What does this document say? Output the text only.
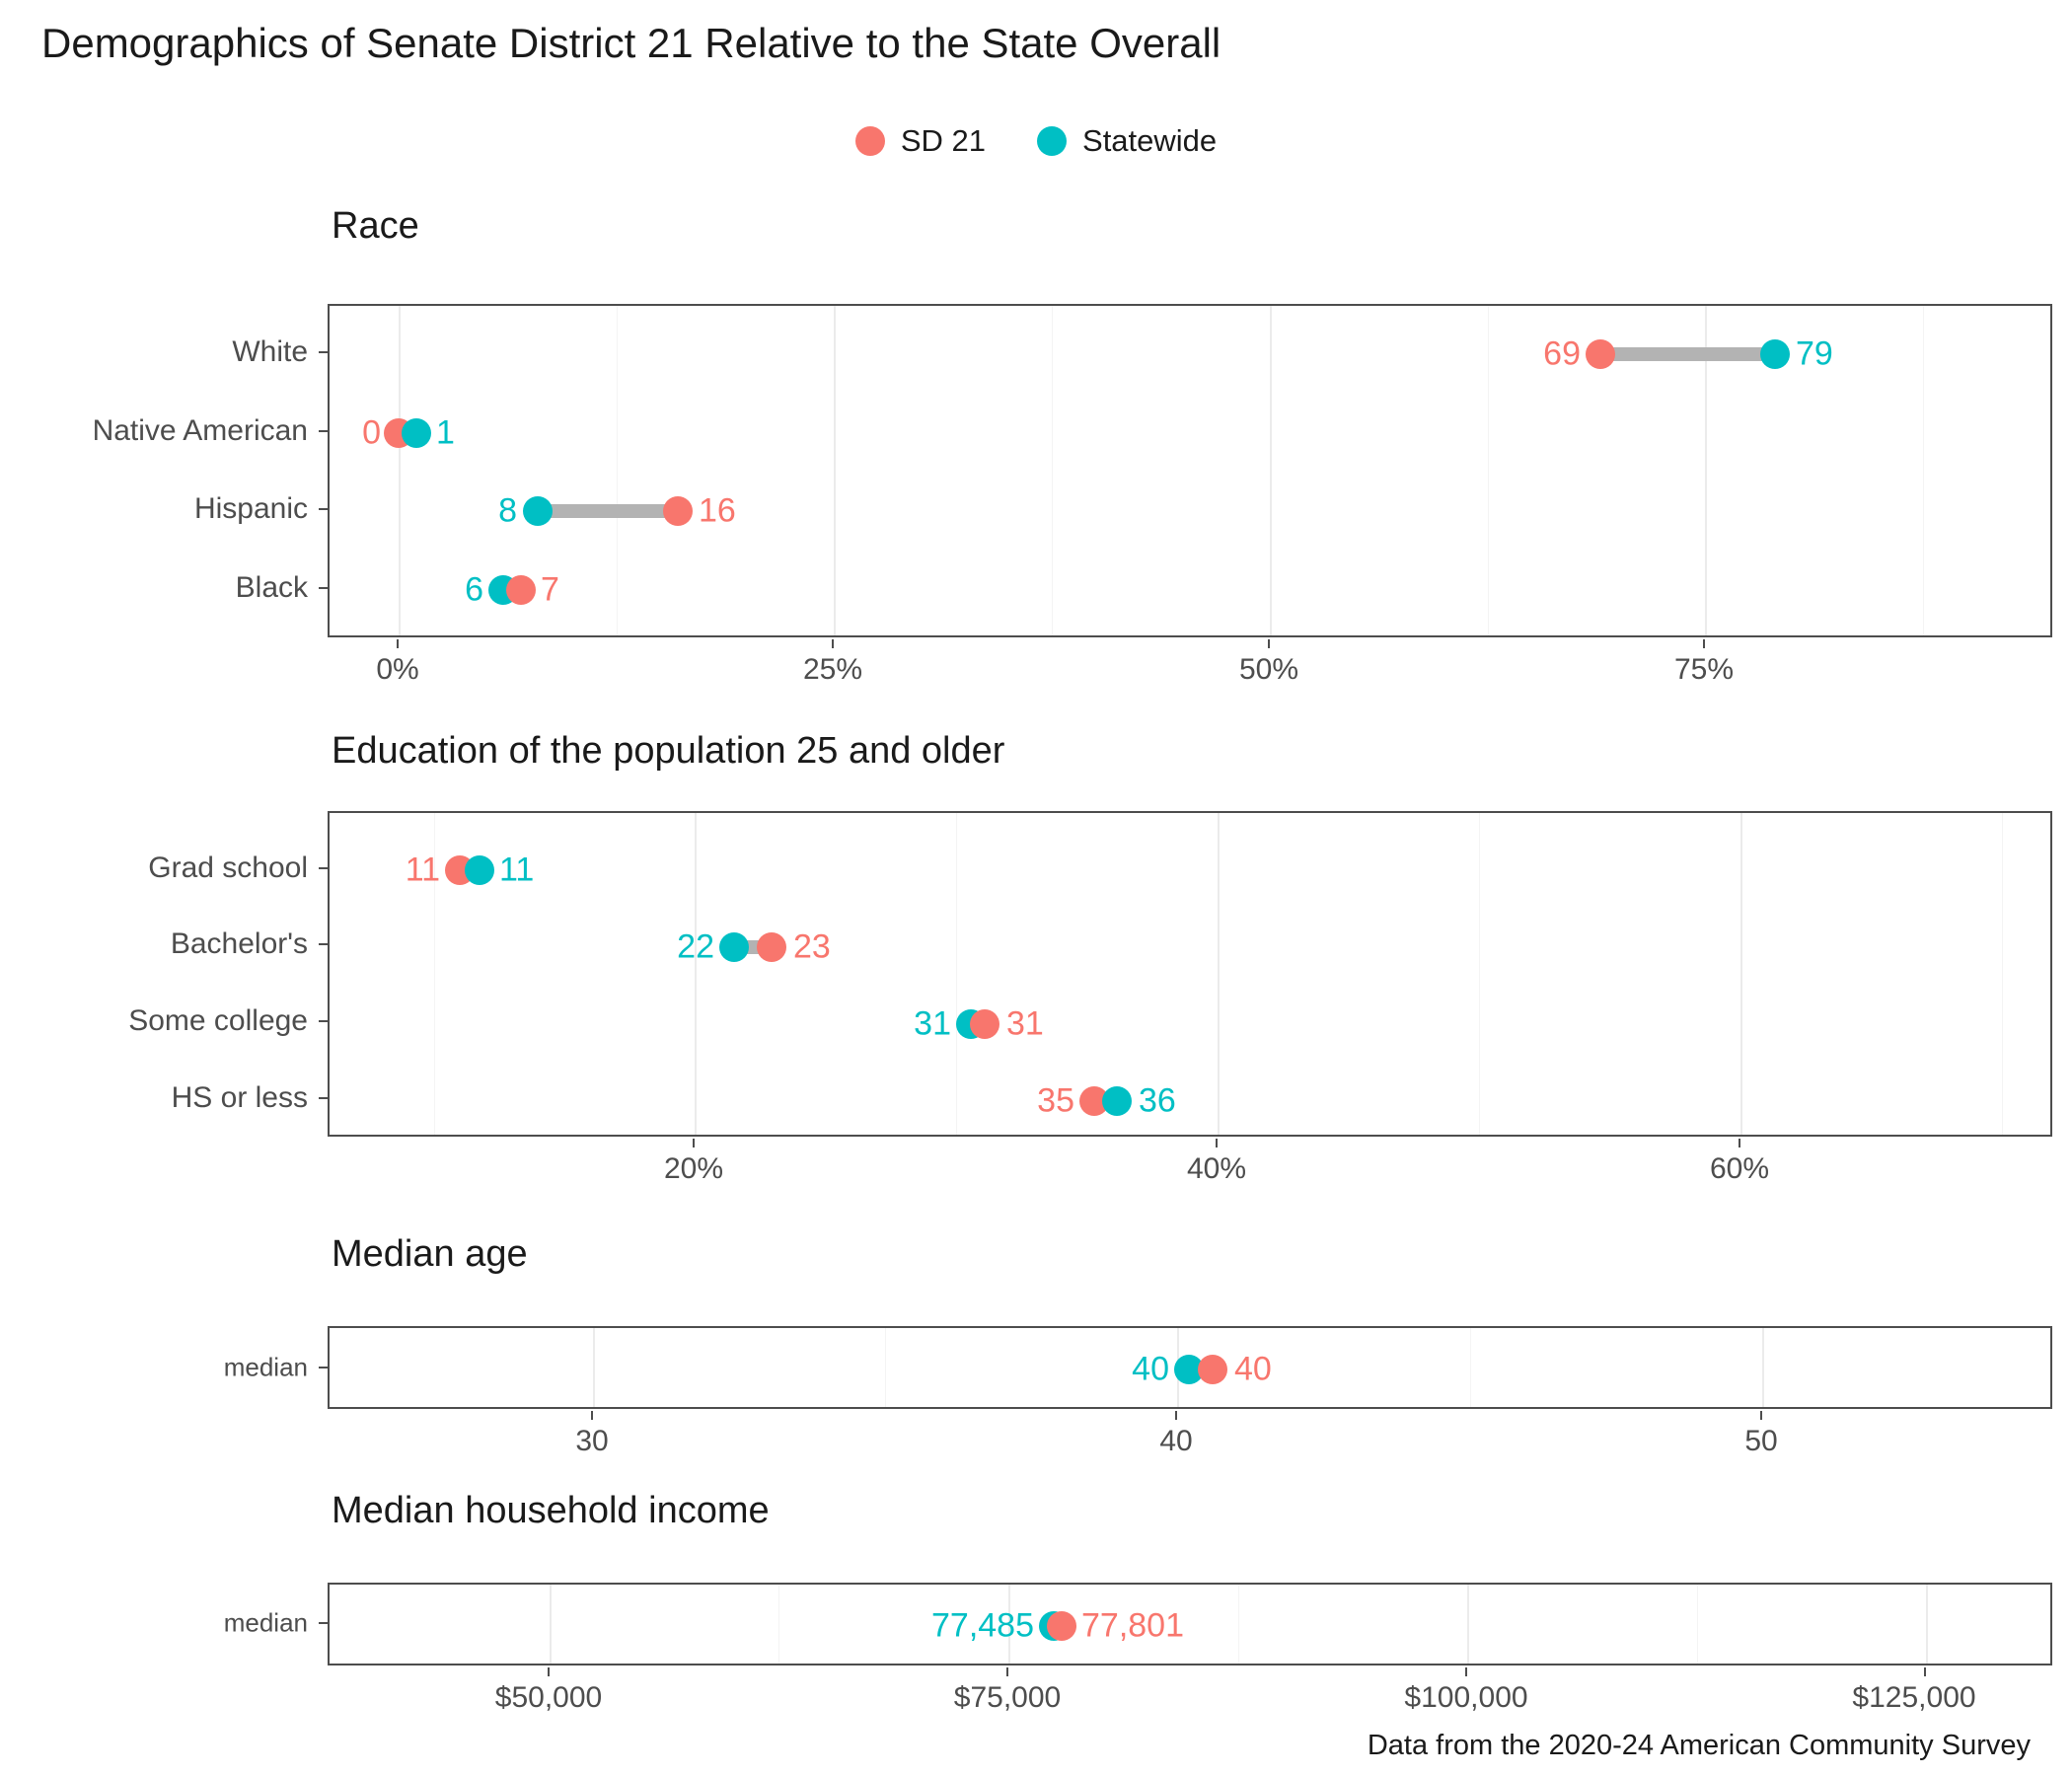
Demographics of Senate District 21 Relative to the State Overall
SD 21	Statewide
Race
White
Native American
Hispanic
Black
69	79
0 1
8	16
6 7
0%	25%	50%	75%
Education of the population 25 and older
Grad school
Bachelor's
Some college
HS or less
11 11
22 23
31 31
35 36
20%	40%	60%
Median age
median	40 40
30	40	50
Median household income
median	77,485 77,801
$50,000	$75,000	$100,000	$125,000
Data from the 2020-24 American Community Survey
